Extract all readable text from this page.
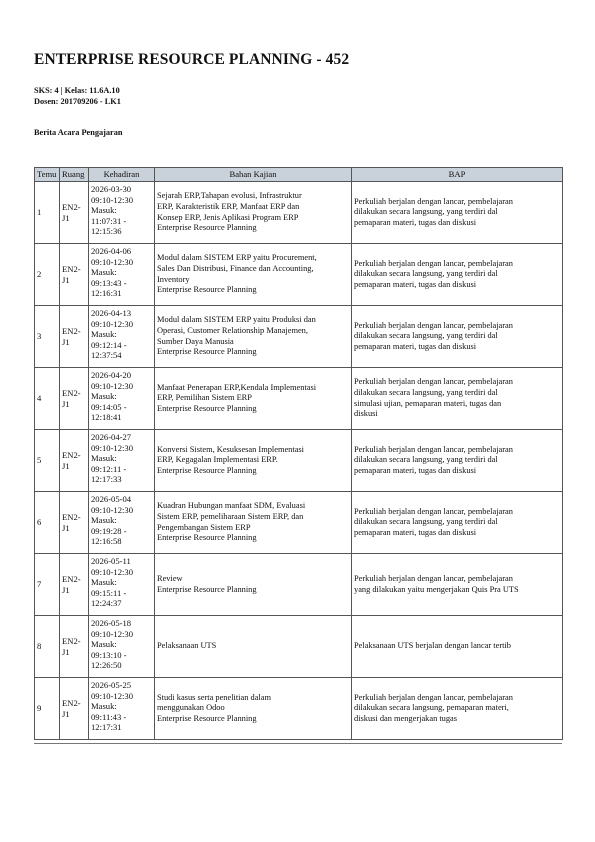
ENTERPRISE RESOURCE PLANNING - 452
SKS: 4 | Kelas: 11.6A.10
Dosen: 201709206 - LK1
Berita Acara Pengajaran
Temu	Ruang	Kehadiran	Bahan Kajian	BAP
1	EN2-
J1	2026-03-30
09:10-12:30
Masuk:
11:07:31 -
12:15:36	Sejarah ERP,Tahapan evolusi, Infrastruktur
ERP, Karakteristik ERP, Manfaat ERP dan
Konsep ERP, Jenis Aplikasi Program ERP
Enterprise Resource Planning	Perkuliah berjalan dengan lancar, pembelajaran
dilakukan secara langsung, yang terdiri dal
pemaparan materi, tugas dan diskusi

2	EN2-
J1	2026-04-06
09:10-12:30
Masuk:
09:13:43 -
12:16:31	Modul dalam SISTEM ERP yaitu Procurement,
Sales Dan Distribusi, Finance dan Accounting,
Inventory
Enterprise Resource Planning	Perkuliah berjalan dengan lancar, pembelajaran
dilakukan secara langsung, yang terdiri dal
pemaparan materi, tugas dan diskusi

3	EN2-
J1	2026-04-13
09:10-12:30
Masuk:
09:12:14 -
12:37:54	Modul dalam SISTEM ERP yaitu Produksi dan
Operasi, Customer Relationship Manajemen,
Sumber Daya Manusia
Enterprise Resource Planning	Perkuliah berjalan dengan lancar, pembelajaran
dilakukan secara langsung, yang terdiri dal
pemaparan materi, tugas dan diskusi

4	EN2-
J1	2026-04-20
09:10-12:30
Masuk:
09:14:05 -
12:18:41	Manfaat Penerapan ERP,Kendala Implementasi
ERP, Pemilihan Sistem ERP
Enterprise Resource Planning	Perkuliah berjalan dengan lancar, pembelajaran
dilakukan secara langsung, yang terdiri dal
simulasi ujian, pemaparan materi, tugas dan
diskusi

5	EN2-
J1	2026-04-27
09:10-12:30
Masuk:
09:12:11 -
12:17:33	Konversi Sistem, Kesuksesan Implementasi
ERP, Kegagalan Implementasi ERP.
Enterprise Resource Planning	Perkuliah berjalan dengan lancar, pembelajaran
dilakukan secara langsung, yang terdiri dal
pemaparan materi, tugas dan diskusi

6	EN2-
J1	2026-05-04
09:10-12:30
Masuk:
09:19:28 -
12:16:58	Kuadran Hubungan manfaat SDM, Evaluasi
Sistem ERP, pemeliharaan Sistem ERP, dan
Pengembangan Sistem ERP
Enterprise Resource Planning	Perkuliah berjalan dengan lancar, pembelajaran
dilakukan secara langsung, yang terdiri dal
pemaparan materi, tugas dan diskusi

7	EN2-
J1	2026-05-11
09:10-12:30
Masuk:
09:15:11 -
12:24:37	Review
Enterprise Resource Planning	Perkuliah berjalan dengan lancar, pembelajaran
yang dilakukan yaitu mengerjakan Quis Pra UTS

8	EN2-
J1	2026-05-18
09:10-12:30
Masuk:
09:13:10 -
12:26:50	Pelaksanaan UTS	Pelaksanaan UTS berjalan dengan lancar tertib

9	EN2-
J1	2026-05-25
09:10-12:30
Masuk:
09:11:43 -
12:17:31	Studi kasus serta penelitian dalam
menggunakan Odoo
Enterprise Resource Planning	Perkuliah berjalan dengan lancar, pembelajaran
dilakukan secara langsung, pemaparan materi,
diskusi dan mengerjakan tugas
